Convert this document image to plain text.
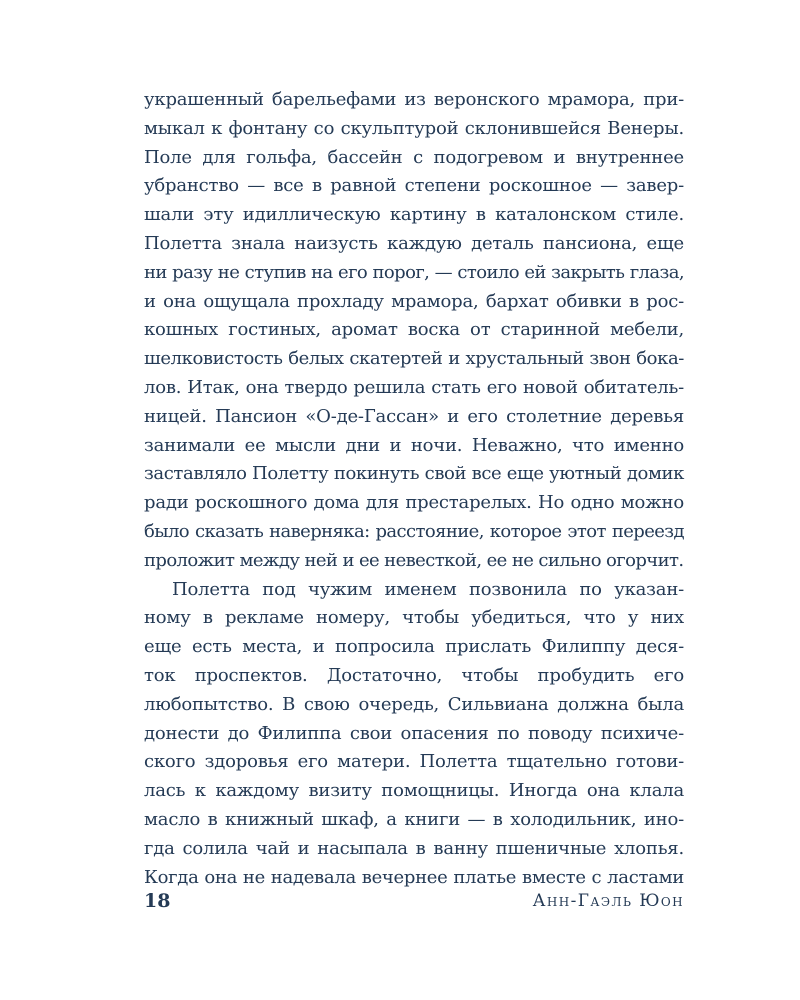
украшенный барельефами из веронского мрамора, при-
мыкал к фонтану со скульптурой склонившейся Венеры.
Поле для гольфа, бассейн с подогревом и внутреннее
убранство — все в равной степени роскошное — завер-
шали эту идиллическую картину в каталонском стиле.
Полетта знала наизусть каждую деталь пансиона, еще
ни разу не ступив на его порог, — стоило ей закрыть глаза,
и она ощущала прохладу мрамора, бархат обивки в рос-
кошных гостиных, аромат воска от старинной мебели,
шелковистость белых скатертей и хрустальный звон бока-
лов. Итак, она твердо решила стать его новой обитатель-
ницей. Пансион «О-де-Гассан» и его столетние деревья
занимали ее мысли дни и ночи. Неважно, что именно
заставляло Полетту покинуть свой все еще уютный домик
ради роскошного дома для престарелых. Но одно можно
было сказать наверняка: расстояние, которое этот переезд
проложит между ней и ее невесткой, ее не сильно огорчит.
Полетта под чужим именем позвонила по указан-
ному в рекламе номеру, чтобы убедиться, что у них
еще есть места, и попросила прислать Филиппу деся-
ток проспектов. Достаточно, чтобы пробудить его
любопытство. В свою очередь, Сильвиана должна была
донести до Филиппа свои опасения по поводу психиче-
ского здоровья его матери. Полетта тщательно готови-
лась к каждому визиту помощницы. Иногда она клала
масло в книжный шкаф, а книги — в холодильник, ино-
гда солила чай и насыпала в ванну пшеничные хлопья.
Когда она не надевала вечернее платье вместе с ластами
18	Анн-Гаэль Юон
